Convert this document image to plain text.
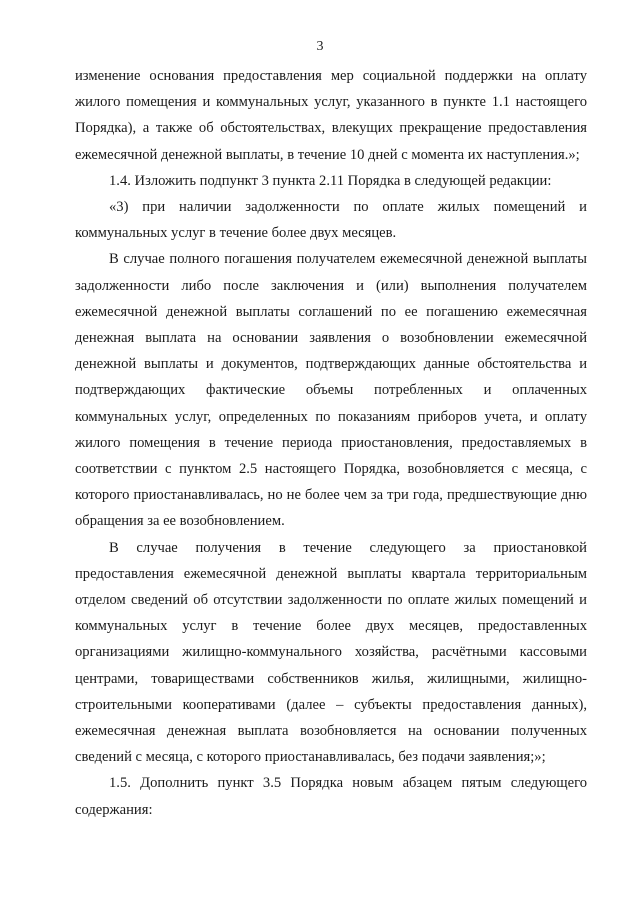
3

изменение основания предоставления мер социальной поддержки на оплату жилого помещения и коммунальных услуг, указанного в пункте 1.1 настоящего Порядка), а также об обстоятельствах, влекущих прекращение предоставления ежемесячной денежной выплаты, в течение 10 дней с момента их наступления.»;

1.4. Изложить подпункт 3 пункта 2.11 Порядка в следующей редакции:

«3) при наличии задолженности по оплате жилых помещений и коммунальных услуг в течение более двух месяцев.

В случае полного погашения получателем ежемесячной денежной выплаты задолженности либо после заключения и (или) выполнения получателем ежемесячной денежной выплаты соглашений по ее погашению ежемесячная денежная выплата на основании заявления о возобновлении ежемесячной денежной выплаты и документов, подтверждающих данные обстоятельства и подтверждающих фактические объемы потребленных и оплаченных коммунальных услуг, определенных по показаниям приборов учета, и оплату жилого помещения в течение периода приостановления, предоставляемых в соответствии с пунктом 2.5 настоящего Порядка, возобновляется с месяца, с которого приостанавливалась, но не более чем за три года, предшествующие дню обращения за ее возобновлением.

В случае получения в течение следующего за приостановкой предоставления ежемесячной денежной выплаты квартала территориальным отделом сведений об отсутствии задолженности по оплате жилых помещений и коммунальных услуг в течение более двух месяцев, предоставленных организациями жилищно-коммунального хозяйства, расчётными кассовыми центрами, товариществами собственников жилья, жилищными, жилищно-строительными кооперативами (далее – субъекты предоставления данных), ежемесячная денежная выплата возобновляется на основании полученных сведений с месяца, с которого приостанавливалась, без подачи заявления;»;

1.5. Дополнить пункт 3.5 Порядка новым абзацем пятым следующего содержания:
